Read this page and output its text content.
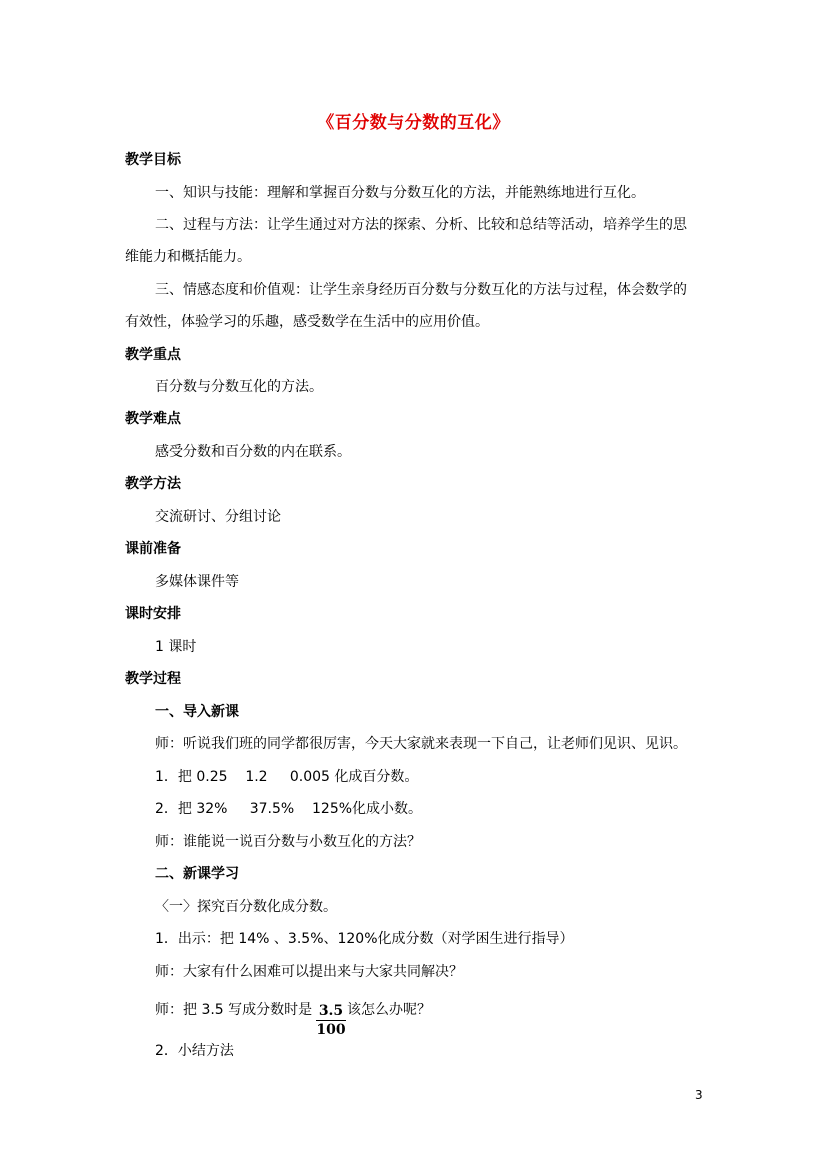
《百分数与分数的互化》
教学目标
一、知识与技能：理解和掌握百分数与分数互化的方法，并能熟练地进行互化。
二、过程与方法：让学生通过对方法的探索、分析、比较和总结等活动，培养学生的思
维能力和概括能力。
三、情感态度和价值观：让学生亲身经历百分数与分数互化的方法与过程，体会数学的
有效性，体验学习的乐趣，感受数学在生活中的应用价值。
教学重点
百分数与分数互化的方法。
教学难点
感受分数和百分数的内在联系。
教学方法
交流研讨、分组讨论
课前准备
多媒体课件等
课时安排
1 课时
教学过程
一、导入新课
师：听说我们班的同学都很厉害，今天大家就来表现一下自己，让老师们见识、见识。
1．把 0.25    1.2     0.005 化成百分数。
2．把 32%     37.5%    125%化成小数。
师：谁能说一说百分数与小数互化的方法？
二、新课学习
〈一〉探究百分数化成分数。
1．出示：把 14% 、3.5%、120%化成分数（对学困生进行指导）
师：大家有什么困难可以提出来与大家共同解决？
师：把 3.5 写成分数时是 $\frac{3.5}{100}$ 该怎么办呢？
2．小结方法
3
